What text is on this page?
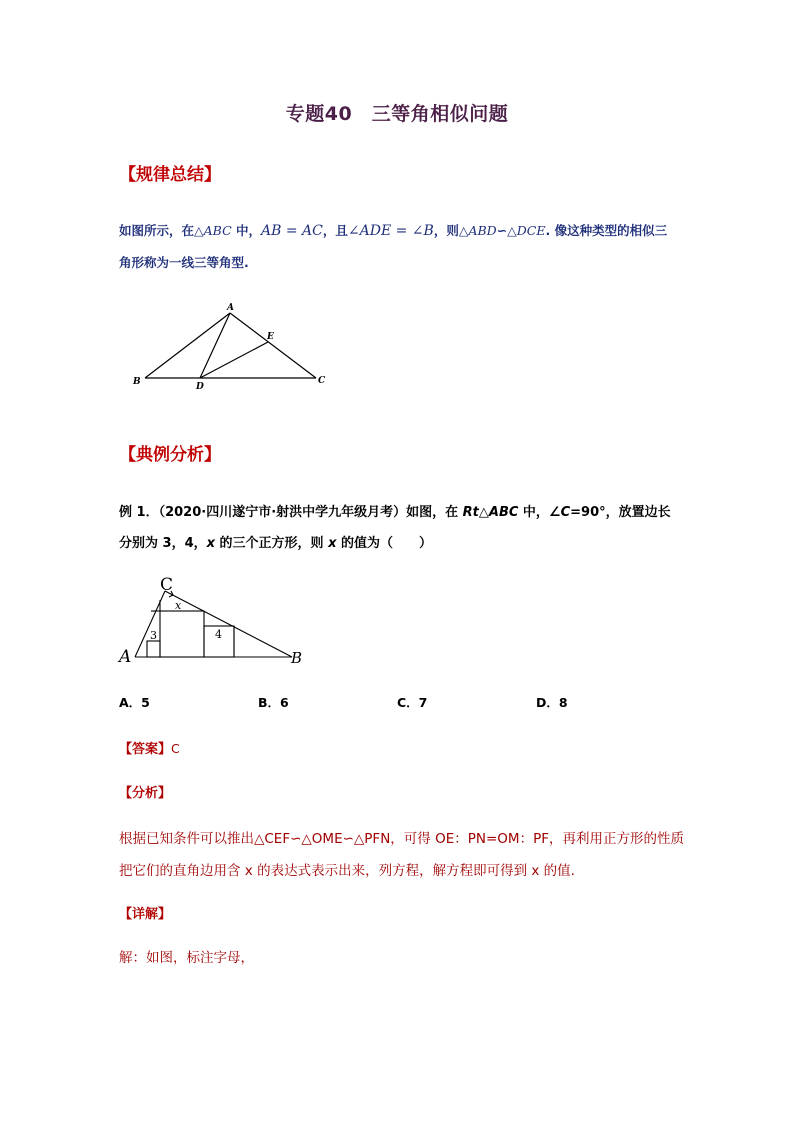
专题40　三等角相似问题
【规律总结】
如图所示，在△ABC 中，AB = AC，且∠ADE = ∠B，则△ABD∽△DCE. 像这种类型的相似三
角形称为一线三等角型.
A
B	C
D
E
【典例分析】
例 1．（2020·四川遂宁市·射洪中学九年级月考）如图，在 Rt△ABC 中，∠C=90°，放置边长
分别为 3，4，x 的三个正方形，则 x 的值为（　　）
C
A	B
x
3	4
A．5	B．6	C．7	D．8
【答案】C
【分析】
根据已知条件可以推出△CEF∽△OME∽△PFN，可得 OE：PN=OM：PF，再利用正方形的性质
把它们的直角边用含 x 的表达式表示出来，列方程，解方程即可得到 x 的值.
【详解】
解：如图，标注字母，
